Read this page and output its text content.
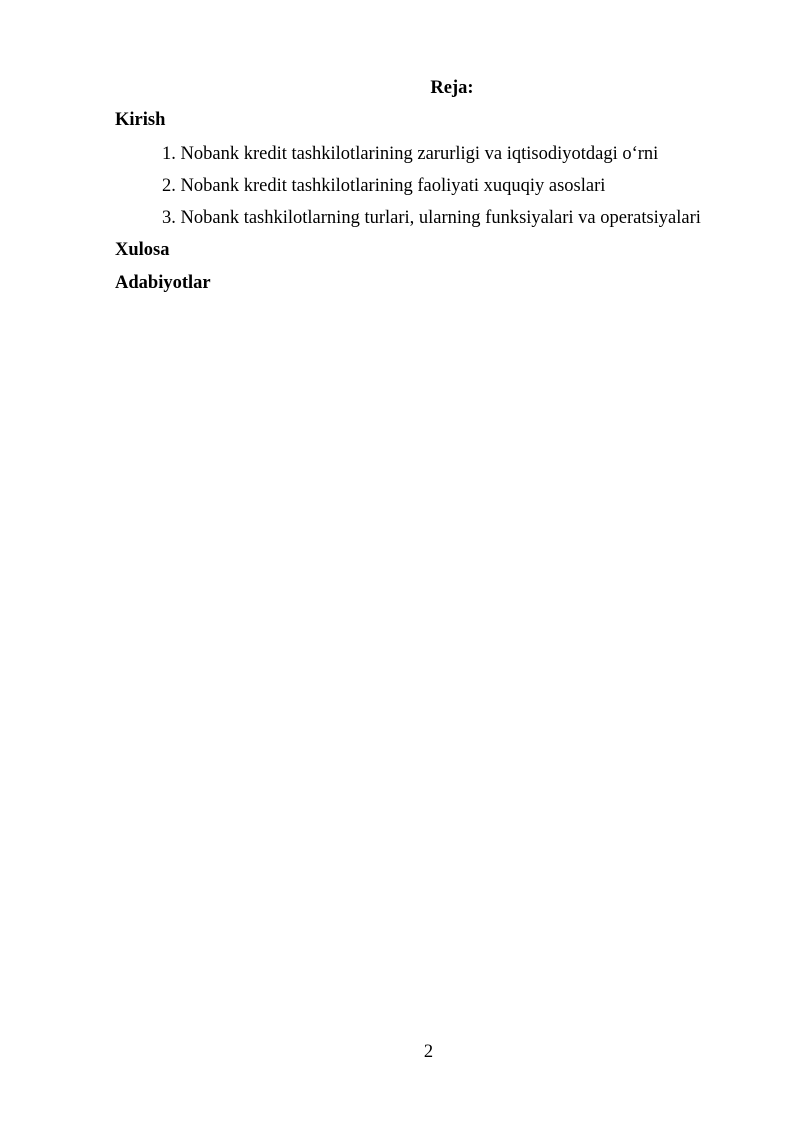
Reja:
Kirish
1. Nobank kredit tashkilotlarining zarurligi va iqtisodiyotdagi o‘rni
2. Nobank kredit tashkilotlarining faoliyati xuquqiy asoslari
3. Nobank tashkilotlarning turlari, ularning funksiyalari va operatsiyalari
Xulosa
Adabiyotlar
2
